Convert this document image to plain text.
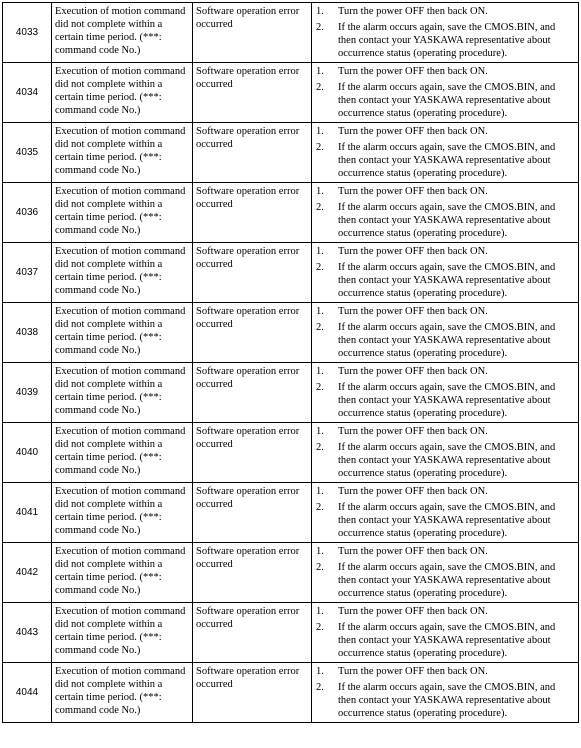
4033	Execution of motion command did not complete within a certain time period. (***: command code No.)	Software operation error occurred	1. Turn the power OFF then back ON.
2. If the alarm occurs again, save the CMOS.BIN, and then contact your YASKAWA representative about occurrence status (operating procedure).

4034	Execution of motion command did not complete within a certain time period. (***: command code No.)	Software operation error occurred	1. Turn the power OFF then back ON.
2. If the alarm occurs again, save the CMOS.BIN, and then contact your YASKAWA representative about occurrence status (operating procedure).

4035	Execution of motion command did not complete within a certain time period. (***: command code No.)	Software operation error occurred	1. Turn the power OFF then back ON.
2. If the alarm occurs again, save the CMOS.BIN, and then contact your YASKAWA representative about occurrence status (operating procedure).

4036	Execution of motion command did not complete within a certain time period. (***: command code No.)	Software operation error occurred	1. Turn the power OFF then back ON.
2. If the alarm occurs again, save the CMOS.BIN, and then contact your YASKAWA representative about occurrence status (operating procedure).

4037	Execution of motion command did not complete within a certain time period. (***: command code No.)	Software operation error occurred	1. Turn the power OFF then back ON.
2. If the alarm occurs again, save the CMOS.BIN, and then contact your YASKAWA representative about occurrence status (operating procedure).

4038	Execution of motion command did not complete within a certain time period. (***: command code No.)	Software operation error occurred	1. Turn the power OFF then back ON.
2. If the alarm occurs again, save the CMOS.BIN, and then contact your YASKAWA representative about occurrence status (operating procedure).

4039	Execution of motion command did not complete within a certain time period. (***: command code No.)	Software operation error occurred	1. Turn the power OFF then back ON.
2. If the alarm occurs again, save the CMOS.BIN, and then contact your YASKAWA representative about occurrence status (operating procedure).

4040	Execution of motion command did not complete within a certain time period. (***: command code No.)	Software operation error occurred	1. Turn the power OFF then back ON.
2. If the alarm occurs again, save the CMOS.BIN, and then contact your YASKAWA representative about occurrence status (operating procedure).

4041	Execution of motion command did not complete within a certain time period. (***: command code No.)	Software operation error occurred	1. Turn the power OFF then back ON.
2. If the alarm occurs again, save the CMOS.BIN, and then contact your YASKAWA representative about occurrence status (operating procedure).

4042	Execution of motion command did not complete within a certain time period. (***: command code No.)	Software operation error occurred	1. Turn the power OFF then back ON.
2. If the alarm occurs again, save the CMOS.BIN, and then contact your YASKAWA representative about occurrence status (operating procedure).

4043	Execution of motion command did not complete within a certain time period. (***: command code No.)	Software operation error occurred	1. Turn the power OFF then back ON.
2. If the alarm occurs again, save the CMOS.BIN, and then contact your YASKAWA representative about occurrence status (operating procedure).

4044	Execution of motion command did not complete within a certain time period. (***: command code No.)	Software operation error occurred	1. Turn the power OFF then back ON.
2. If the alarm occurs again, save the CMOS.BIN, and then contact your YASKAWA representative about occurrence status (operating procedure).
